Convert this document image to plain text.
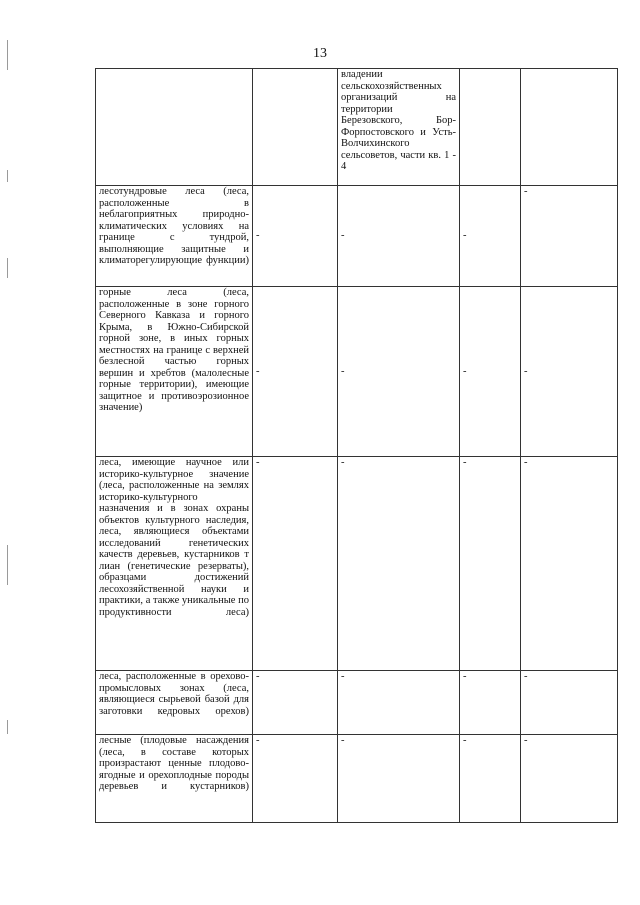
13

		владении сельскохозяйственных организаций на территории Березовского, Бор-Форпостовского и Усть-Волчихинского сельсоветов, части кв. 1 - 4		

лесотундровые леса (леса, расположенные в неблагоприятных природно-климатических условиях на границе с тундрой, выполняющие защитные и климаторегулирующие функции)	-	-	-	-

горные леса (леса, расположенные в зоне горного Северного Кавказа и горного Крыма, в Южно-Сибирской горной зоне, в иных горных местностях на границе с верхней безлесной частью горных вершин и хребтов (малолесные горные территории), имеющие защитное и противоэрозионное значение)	-	-	-	-

леса, имеющие научное или историко-культурное значение (леса, расположенные на землях историко-культурного назначения и в зонах охраны объектов культурного наследия, леса, являющиеся объектами исследований генетических качеств деревьев, кустарников т лиан (генетические резерваты), образцами достижений лесохозяйственной науки и практики, а также уникальные по продуктивности леса)	-	-	-	-

леса, расположенные в орехово-промысловых зонах (леса, являющиеся сырьевой базой для заготовки кедровых орехов)	-	-	-	-

лесные (плодовые насаждения (леса, в составе которых произрастают ценные плодово-ягодные и орехоплодные породы деревьев и кустарников)	-	-	-	-
